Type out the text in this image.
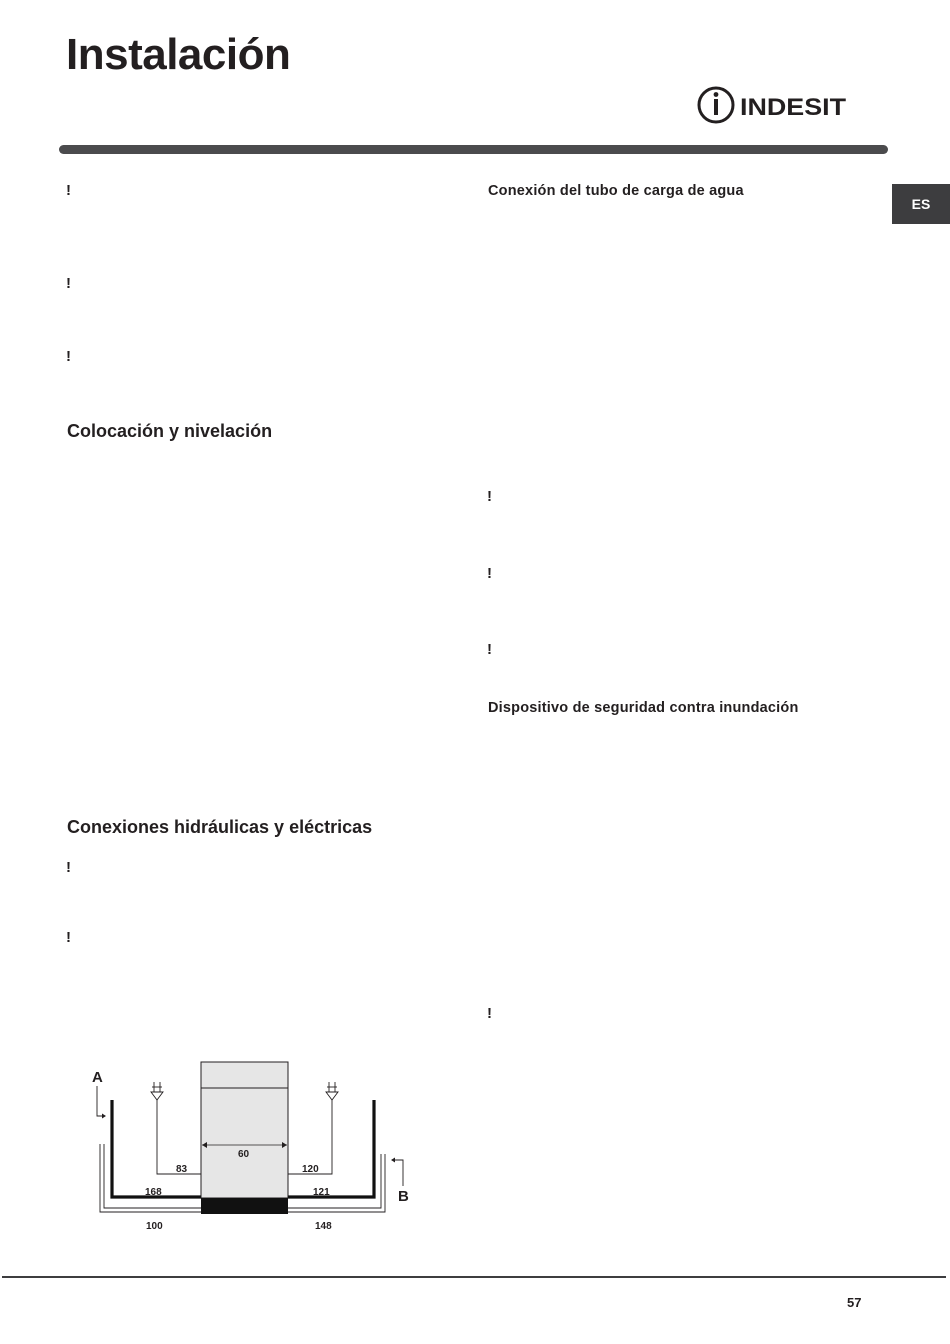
Instalación
INDESIT
ES
!
!
!
Colocación y nivelación
Conexiones hidráulicas y eléctricas
!
!
60
A
B
83	120
168	121
100	148
Conexión del tubo de carga de agua
!
!
!
Dispositivo de seguridad contra inundación
!
57
